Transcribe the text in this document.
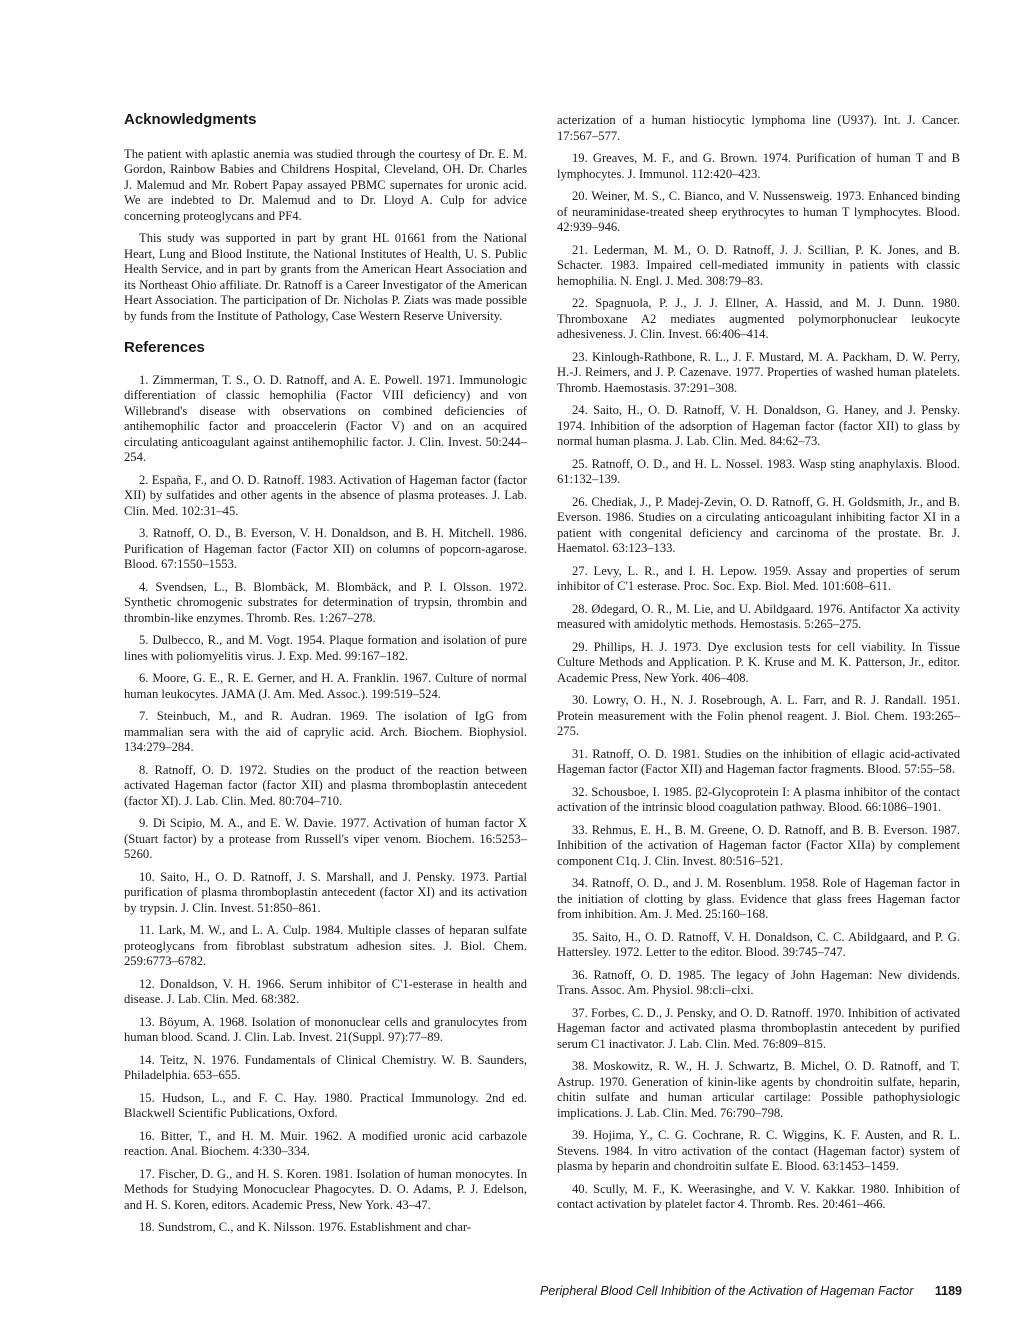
Acknowledgments

The patient with aplastic anemia was studied through the courtesy of Dr. E. M. Gordon, Rainbow Babies and Childrens Hospital, Cleveland, OH. Dr. Charles J. Malemud and Mr. Robert Papay assayed PBMC supernates for uronic acid. We are indebted to Dr. Malemud and to Dr. Lloyd A. Culp for advice concerning proteoglycans and PF4.

This study was supported in part by grant HL 01661 from the National Heart, Lung and Blood Institute, the National Institutes of Health, U. S. Public Health Service, and in part by grants from the American Heart Association and its Northeast Ohio affiliate. Dr. Ratnoff is a Career Investigator of the American Heart Association. The participation of Dr. Nicholas P. Ziats was made possible by funds from the Institute of Pathology, Case Western Reserve University.

References
1. Zimmerman, T. S., O. D. Ratnoff, and A. E. Powell. 1971. Immunologic differentiation of classic hemophilia (Factor VIII deficiency) and von Willebrand's disease with observations on combined deficiencies of antihemophilic factor and proaccelerin (Factor V) and on an acquired circulating anticoagulant against antihemophilic factor. J. Clin. Invest. 50:244–254.
2. España, F., and O. D. Ratnoff. 1983. Activation of Hageman factor (factor XII) by sulfatides and other agents in the absence of plasma proteases. J. Lab. Clin. Med. 102:31–45.
3. Ratnoff, O. D., B. Everson, V. H. Donaldson, and B. H. Mitchell. 1986. Purification of Hageman factor (Factor XII) on columns of popcorn-agarose. Blood. 67:1550–1553.
4. Svendsen, L., B. Blombäck, M. Blombäck, and P. I. Olsson. 1972. Synthetic chromogenic substrates for determination of trypsin, thrombin and thrombin-like enzymes. Thromb. Res. 1:267–278.
5. Dulbecco, R., and M. Vogt. 1954. Plaque formation and isolation of pure lines with poliomyelitis virus. J. Exp. Med. 99:167–182.
6. Moore, G. E., R. E. Gerner, and H. A. Franklin. 1967. Culture of normal human leukocytes. JAMA (J. Am. Med. Assoc.). 199:519–524.
7. Steinbuch, M., and R. Audran. 1969. The isolation of IgG from mammalian sera with the aid of caprylic acid. Arch. Biochem. Biophysiol. 134:279–284.
8. Ratnoff, O. D. 1972. Studies on the product of the reaction between activated Hageman factor (factor XII) and plasma thromboplastin antecedent (factor XI). J. Lab. Clin. Med. 80:704–710.
9. Di Scipio, M. A., and E. W. Davie. 1977. Activation of human factor X (Stuart factor) by a protease from Russell's viper venom. Biochem. 16:5253–5260.
10. Saito, H., O. D. Ratnoff, J. S. Marshall, and J. Pensky. 1973. Partial purification of plasma thromboplastin antecedent (factor XI) and its activation by trypsin. J. Clin. Invest. 51:850–861.
11. Lark, M. W., and L. A. Culp. 1984. Multiple classes of heparan sulfate proteoglycans from fibroblast substratum adhesion sites. J. Biol. Chem. 259:6773–6782.
12. Donaldson, V. H. 1966. Serum inhibitor of C'1-esterase in health and disease. J. Lab. Clin. Med. 68:382.
13. Böyum, A. 1968. Isolation of mononuclear cells and granulocytes from human blood. Scand. J. Clin. Lab. Invest. 21(Suppl. 97):77–89.
14. Teitz, N. 1976. Fundamentals of Clinical Chemistry. W. B. Saunders, Philadelphia. 653–655.
15. Hudson, L., and F. C. Hay. 1980. Practical Immunology. 2nd ed. Blackwell Scientific Publications, Oxford.
16. Bitter, T., and H. M. Muir. 1962. A modified uronic acid carbazole reaction. Anal. Biochem. 4:330–334.
17. Fischer, D. G., and H. S. Koren. 1981. Isolation of human monocytes. In Methods for Studying Monocuclear Phagocytes. D. O. Adams, P. J. Edelson, and H. S. Koren, editors. Academic Press, New York. 43–47.
18. Sundstrom, C., and K. Nilsson. 1976. Establishment and char-
acterization of a human histiocytic lymphoma line (U937). Int. J. Cancer. 17:567–577.
19. Greaves, M. F., and G. Brown. 1974. Purification of human T and B lymphocytes. J. Immunol. 112:420–423.
20. Weiner, M. S., C. Bianco, and V. Nussensweig. 1973. Enhanced binding of neuraminidase-treated sheep erythrocytes to human T lymphocytes. Blood. 42:939–946.
21. Lederman, M. M., O. D. Ratnoff, J. J. Scillian, P. K. Jones, and B. Schacter. 1983. Impaired cell-mediated immunity in patients with classic hemophilia. N. Engl. J. Med. 308:79–83.
22. Spagnuola, P. J., J. J. Ellner, A. Hassid, and M. J. Dunn. 1980. Thromboxane A2 mediates augmented polymorphonuclear leukocyte adhesiveness. J. Clin. Invest. 66:406–414.
23. Kinlough-Rathbone, R. L., J. F. Mustard, M. A. Packham, D. W. Perry, H.-J. Reimers, and J. P. Cazenave. 1977. Properties of washed human platelets. Thromb. Haemostasis. 37:291–308.
24. Saito, H., O. D. Ratnoff, V. H. Donaldson, G. Haney, and J. Pensky. 1974. Inhibition of the adsorption of Hageman factor (factor XII) to glass by normal human plasma. J. Lab. Clin. Med. 84:62–73.
25. Ratnoff, O. D., and H. L. Nossel. 1983. Wasp sting anaphylaxis. Blood. 61:132–139.
26. Chediak, J., P. Madej-Zevin, O. D. Ratnoff, G. H. Goldsmith, Jr., and B. Everson. 1986. Studies on a circulating anticoagulant inhibiting factor XI in a patient with congenital deficiency and carcinoma of the prostate. Br. J. Haematol. 63:123–133.
27. Levy, L. R., and I. H. Lepow. 1959. Assay and properties of serum inhibitor of C'1 esterase. Proc. Soc. Exp. Biol. Med. 101:608–611.
28. Ødegard, O. R., M. Lie, and U. Abildgaard. 1976. Antifactor Xa activity measured with amidolytic methods. Hemostasis. 5:265–275.
29. Phillips, H. J. 1973. Dye exclusion tests for cell viability. In Tissue Culture Methods and Application. P. K. Kruse and M. K. Patterson, Jr., editor. Academic Press, New York. 406–408.
30. Lowry, O. H., N. J. Rosebrough, A. L. Farr, and R. J. Randall. 1951. Protein measurement with the Folin phenol reagent. J. Biol. Chem. 193:265–275.
31. Ratnoff, O. D. 1981. Studies on the inhibition of ellagic acid-activated Hageman factor (Factor XII) and Hageman factor fragments. Blood. 57:55–58.
32. Schousboe, I. 1985. β2-Glycoprotein I: A plasma inhibitor of the contact activation of the intrinsic blood coagulation pathway. Blood. 66:1086–1901.
33. Rehmus, E. H., B. M. Greene, O. D. Ratnoff, and B. B. Everson. 1987. Inhibition of the activation of Hageman factor (Factor XIIa) by complement component C1q. J. Clin. Invest. 80:516–521.
34. Ratnoff, O. D., and J. M. Rosenblum. 1958. Role of Hageman factor in the initiation of clotting by glass. Evidence that glass frees Hageman factor from inhibition. Am. J. Med. 25:160–168.
35. Saito, H., O. D. Ratnoff, V. H. Donaldson, C. C. Abildgaard, and P. G. Hattersley. 1972. Letter to the editor. Blood. 39:745–747.
36. Ratnoff, O. D. 1985. The legacy of John Hageman: New dividends. Trans. Assoc. Am. Physiol. 98:cli–clxi.
37. Forbes, C. D., J. Pensky, and O. D. Ratnoff. 1970. Inhibition of activated Hageman factor and activated plasma thromboplastin antecedent by purified serum C1 inactivator. J. Lab. Clin. Med. 76:809–815.
38. Moskowitz, R. W., H. J. Schwartz, B. Michel, O. D. Ratnoff, and T. Astrup. 1970. Generation of kinin-like agents by chondroitin sulfate, heparin, chitin sulfate and human articular cartilage: Possible pathophysiologic implications. J. Lab. Clin. Med. 76:790–798.
39. Hojima, Y., C. G. Cochrane, R. C. Wiggins, K. F. Austen, and R. L. Stevens. 1984. In vitro activation of the contact (Hageman factor) system of plasma by heparin and chondroitin sulfate E. Blood. 63:1453–1459.
40. Scully, M. F., K. Weerasinghe, and V. V. Kakkar. 1980. Inhibition of contact activation by platelet factor 4. Thromb. Res. 20:461–466.
Peripheral Blood Cell Inhibition of the Activation of Hageman Factor 1189
